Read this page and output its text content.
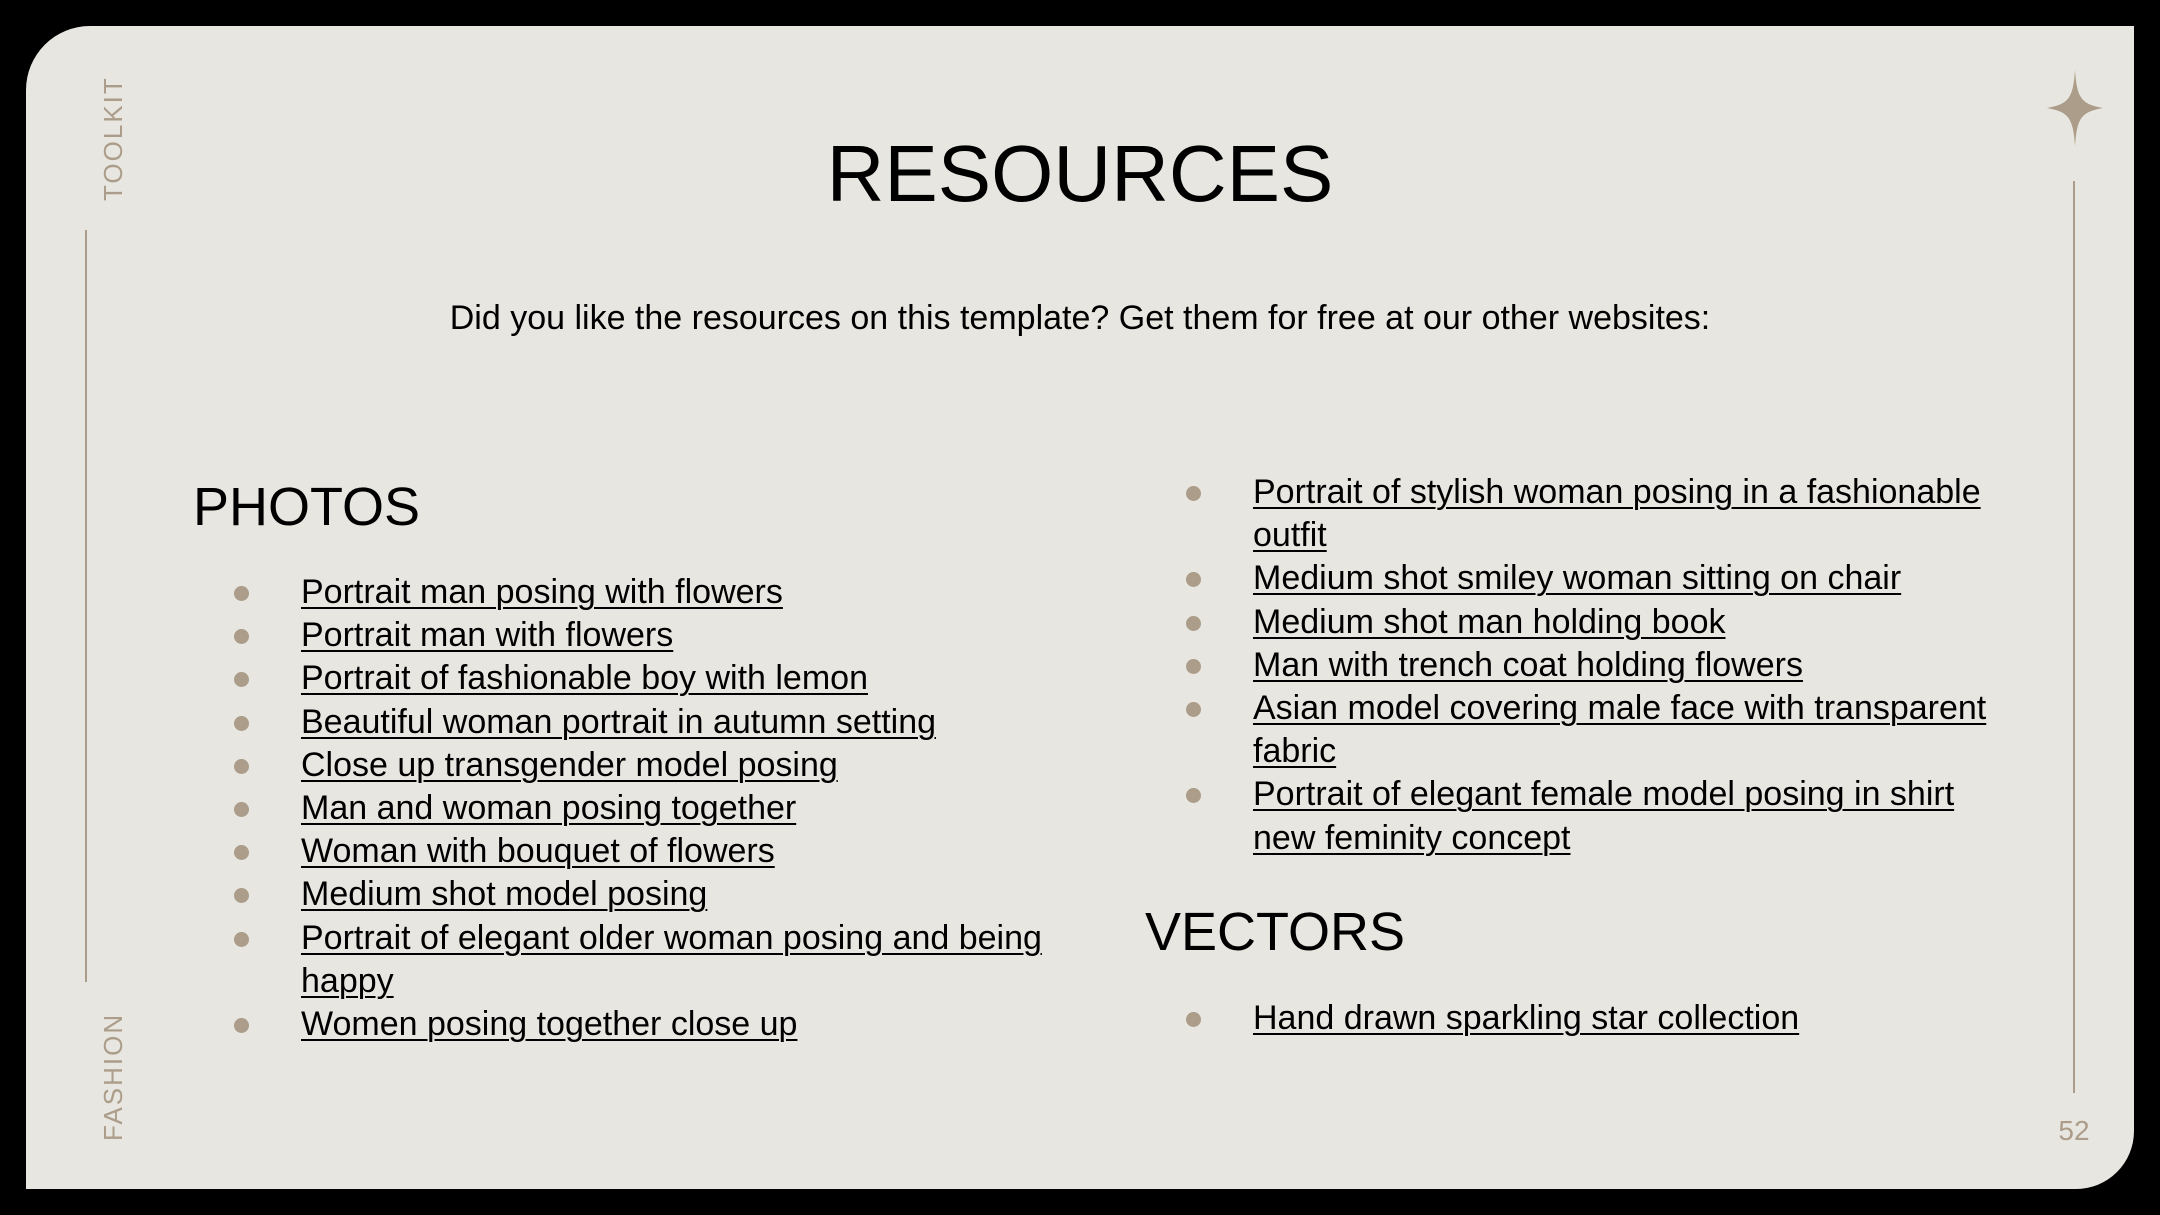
TOOLKIT
FASHION	52
RESOURCES

Did you like the resources on this template? Get them for free at our other websites:

PHOTOS
Portrait man posing with flowers
Portrait man with flowers
Portrait of fashionable boy with lemon
Beautiful woman portrait in autumn setting
Close up transgender model posing
Man and woman posing together
Woman with bouquet of flowers
Medium shot model posing
Portrait of elegant older woman posing and being happy
Women posing together close up
Portrait of stylish woman posing in a fashionable outfit
Medium shot smiley woman sitting on chair
Medium shot man holding book
Man with trench coat holding flowers
Asian model covering male face with transparent fabric
Portrait of elegant female model posing in shirt new feminity concept
VECTORS
Hand drawn sparkling star collection
